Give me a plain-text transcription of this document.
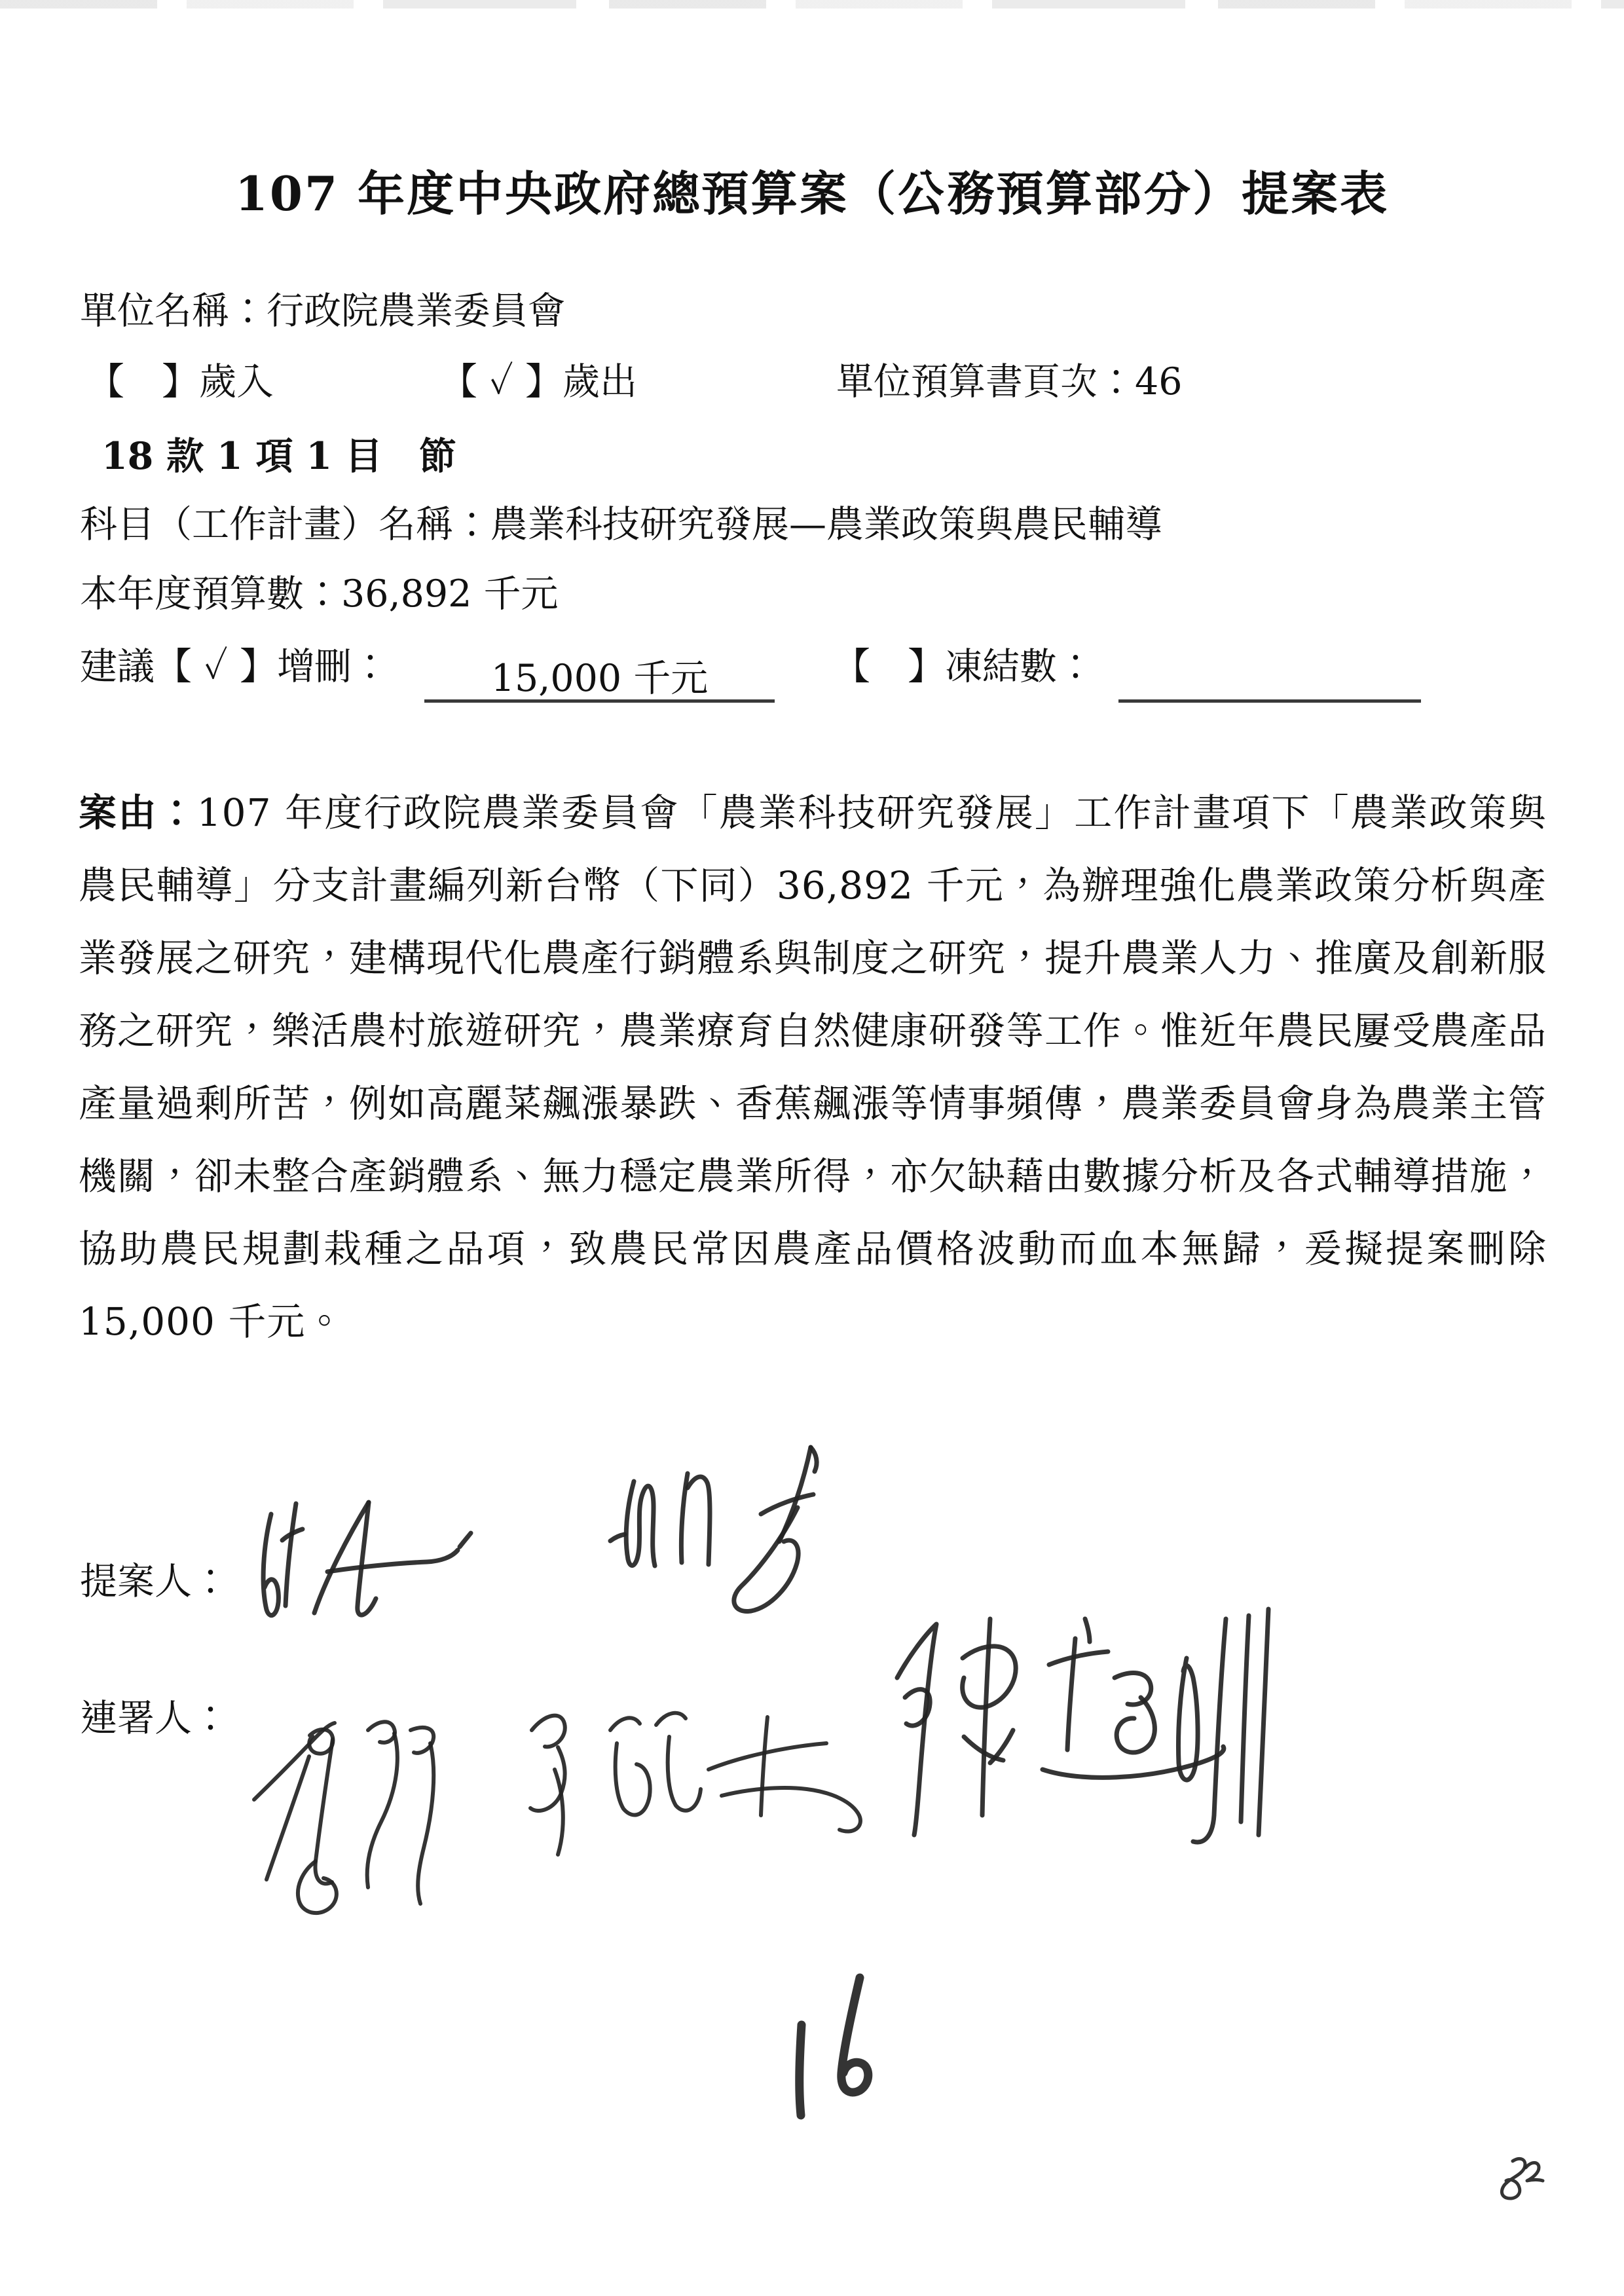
107 年度中央政府總預算案（公務預算部分）提案表
單位名稱：行政院農業委員會
【　】歲入	【 ✓ 】歲出	單位預算書頁次：46
18 款 1 項 1 目 節
科目（工作計畫）名稱：農業科技研究發展—農業政策與農民輔導
本年度預算數：36,892 千元
建議【 ✓ 】增刪：	15,000 千元	【　】凍結數：
案由：107 年度行政院農業委員會「農業科技研究發展」工作計畫項下「農業政策與農民輔導」分支計畫編列新台幣（下同）36,892 千元，為辦理強化農業政策分析與產業發展之研究，建構現代化農產行銷體系與制度之研究，提升農業人力、推廣及創新服務之研究，樂活農村旅遊研究，農業療育自然健康研發等工作。惟近年農民屢受農產品產量過剩所苦，例如高麗菜飆漲暴跌、香蕉飆漲等情事頻傳，農業委員會身為農業主管機關，卻未整合產銷體系、無力穩定農業所得，亦欠缺藉由數據分析及各式輔導措施，協助農民規劃栽種之品項，致農民常因農產品價格波動而血本無歸，爰擬提案刪除 15,000 千元。
提案人：
連署人：
